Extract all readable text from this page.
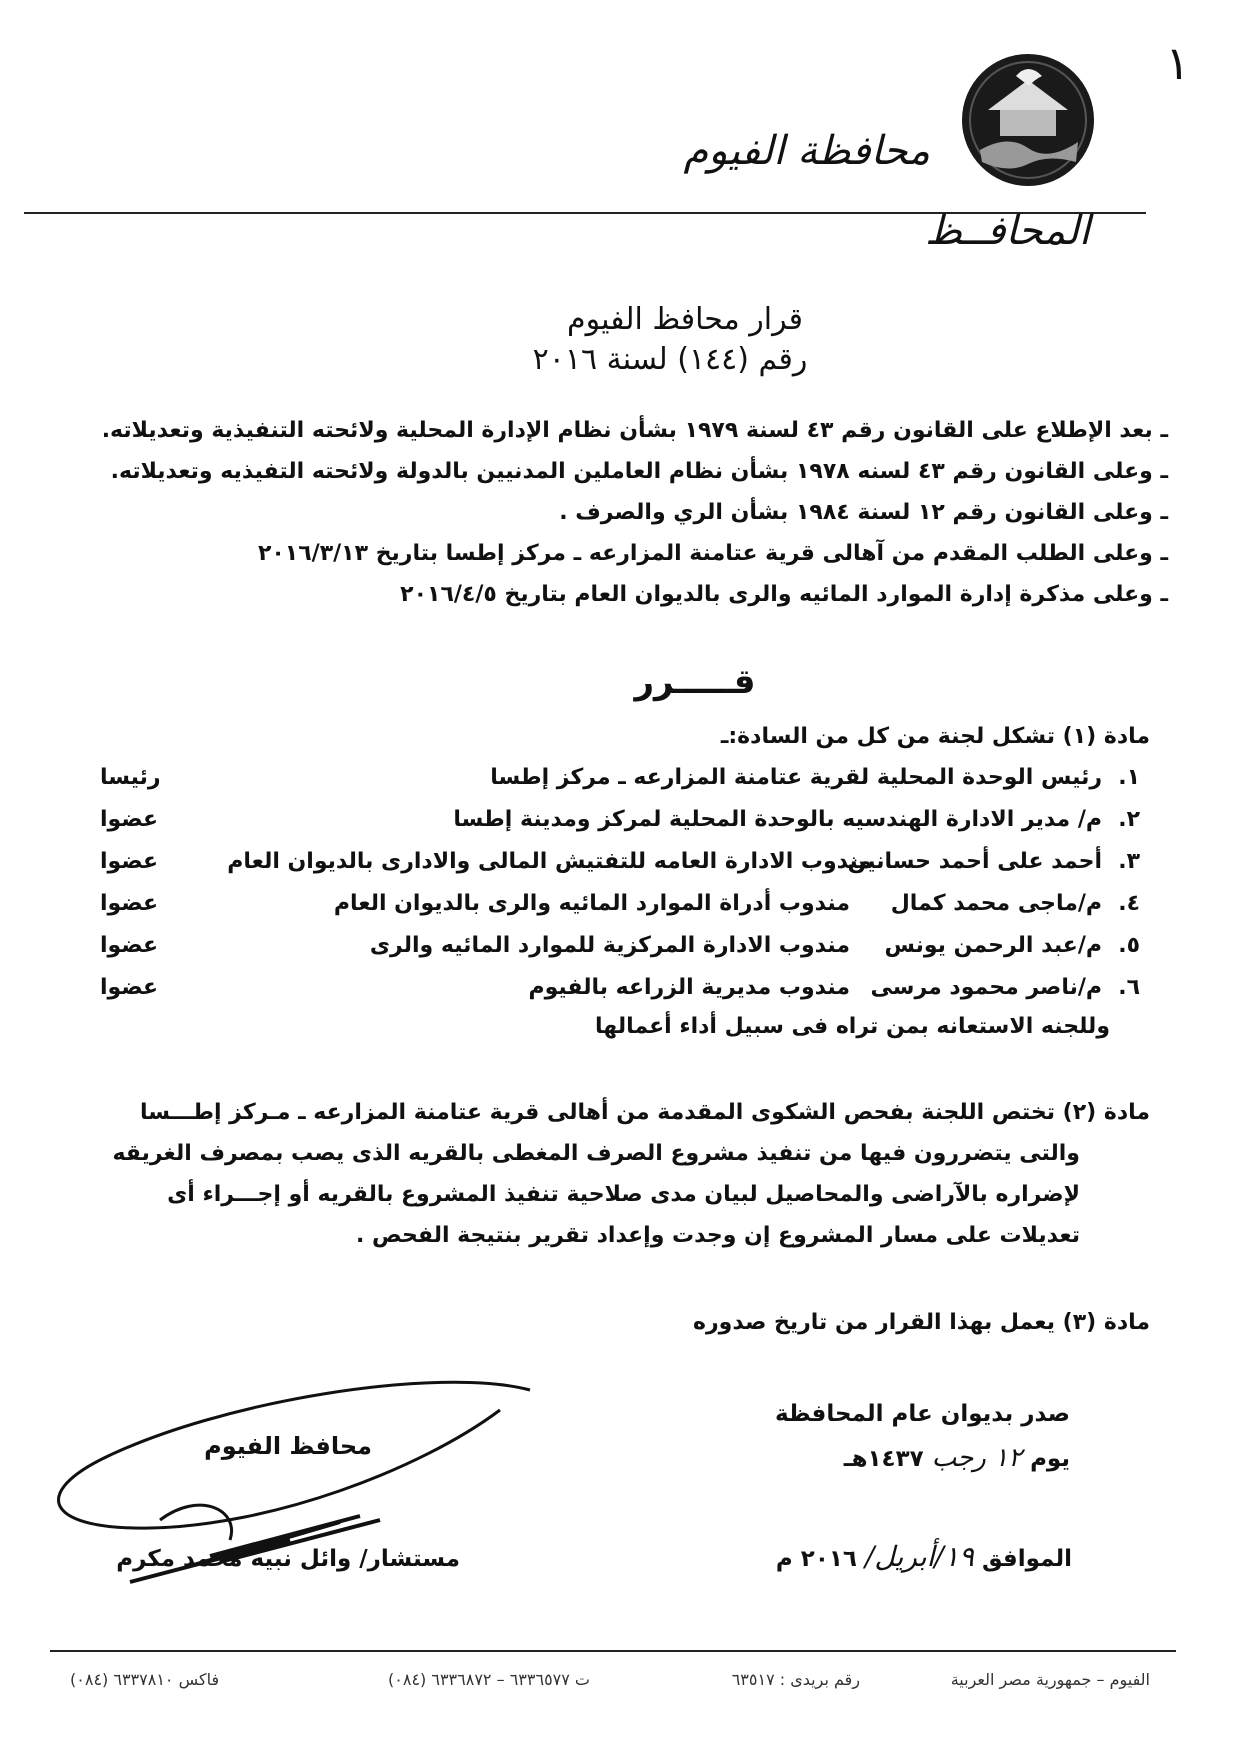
١
محافظة الفيوم
المحافــظ
قرار محافظ الفيوم
رقم (١٤٤) لسنة ٢٠١٦
ـ بعد الإطلاع على القانون رقم ٤٣ لسنة ١٩٧٩ بشأن نظام الإدارة المحلية ولائحته التنفيذية وتعديلاته.
ـ وعلى القانون رقم ٤٣ لسنه ١٩٧٨ بشأن نظام العاملين المدنيين بالدولة ولائحته التفيذيه وتعديلاته.
ـ وعلى القانون رقم ١٢ لسنة ١٩٨٤ بشأن الري والصرف .
ـ وعلى الطلب المقدم من آهالى قرية عتامنة المزارعه ـ مركز إطسا بتاريخ ٢٠١٦/٣/١٣
ـ وعلى مذكرة إدارة الموارد المائيه والرى بالديوان العام بتاريخ ٢٠١٦/٤/٥
قـــــرر
مادة (١) تشكل لجنة من كل من السادة:ـ
١.
رئيس الوحدة المحلية لقرية عتامنة المزارعه ـ مركز إطسا
رئيسا
٢.
م/ مدير الادارة الهندسيه بالوحدة المحلية لمركز ومدينة إطسا
عضوا
٣.
أحمد على أحمد حسانين
مندوب الادارة العامه للتفتيش المالى والادارى بالديوان العام
عضوا
٤.
م/ماجى محمد كمال
مندوب أدراة الموارد المائيه والرى بالديوان العام
عضوا
٥.
م/عبد الرحمن يونس
مندوب الادارة المركزية للموارد المائيه والرى
عضوا
٦.
م/ناصر محمود مرسى
مندوب مديرية الزراعه بالفيوم
عضوا
وللجنه الاستعانه بمن تراه فى سبيل أداء أعمالها
مادة (٢) تختص اللجنة بفحص الشكوى المقدمة من أهالى قرية عتامنة المزارعه ـ مـركز إطـــسا
والتى يتضررون فيها من تنفيذ مشروع الصرف المغطى بالقريه الذى يصب بمصرف الغريقه
لإضراره بالآراضى والمحاصيل لبيان مدى صلاحية تنفيذ المشروع بالقريه أو إجـــراء أى
تعديلات على مسار المشروع إن وجدت وإعداد تقرير بنتيجة الفحص .
مادة (٣) يعمل بهذا القرار من تاريخ صدوره
صدر بديوان عام المحافظة
يوم ١٢ رجب ١٤٣٧هـ
الموافق ١٩/أبريل/ ٢٠١٦ م
محافظ الفيوم
مستشار/ وائل نبيه محمد مكرم
الفيوم – جمهورية مصر العربية
رقم بريدى : ٦٣٥١٧
ت ٦٣٣٦٥٧٧ – ٦٣٣٦٨٧٢ (٠٨٤)
فاكس ٦٣٣٧٨١٠ (٠٨٤)
